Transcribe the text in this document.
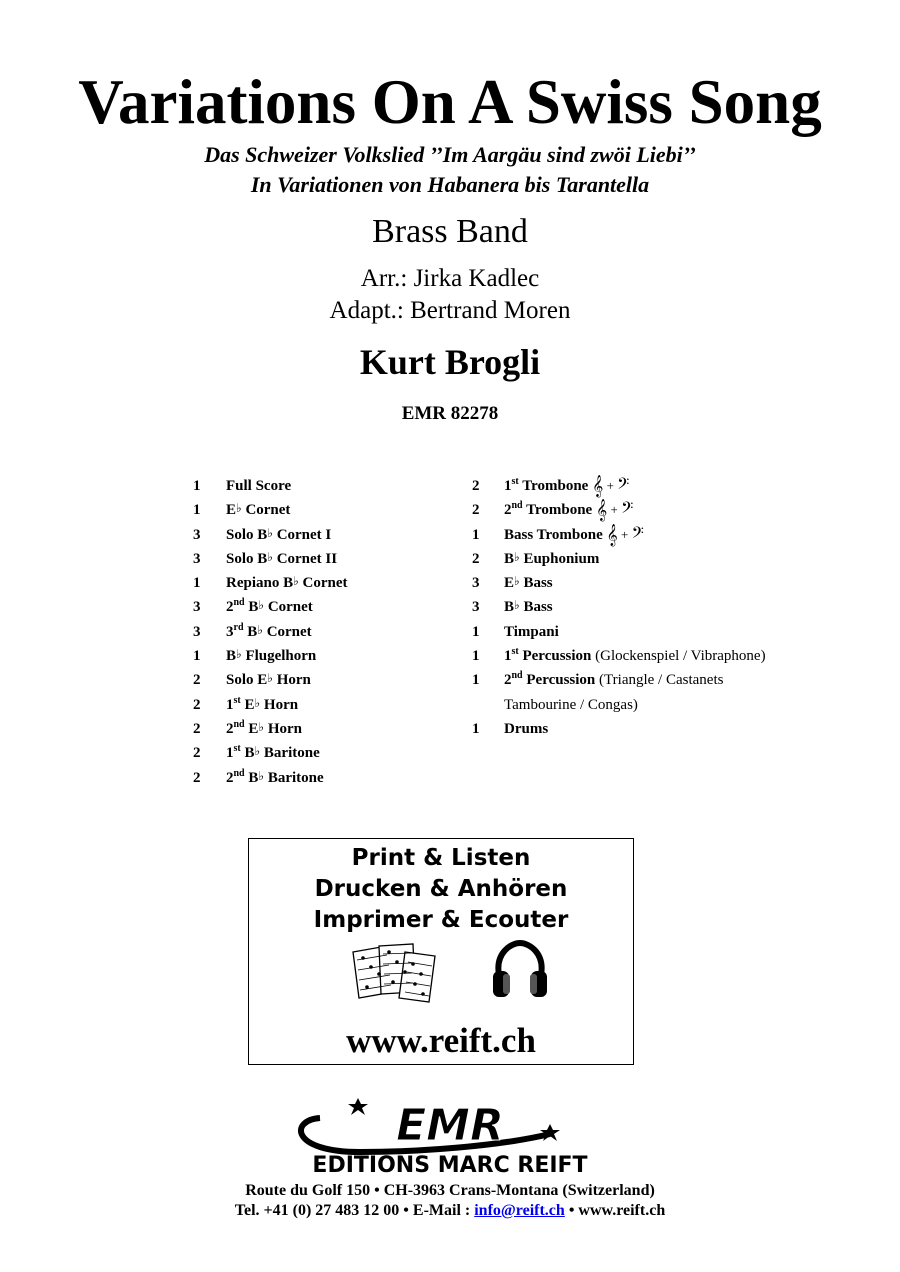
Variations On A Swiss Song
Das Schweizer Volkslied ’’Im Aargäu sind zwöi Liebi’’
In Variationen von Habanera bis Tarantella
Brass Band
Arr.: Jirka Kadlec
Adapt.: Bertrand Moren
Kurt Brogli
EMR 82278
1 Full Score
1 E♭ Cornet
3 Solo B♭ Cornet I
3 Solo B♭ Cornet II
1 Repiano B♭ Cornet
3 2nd B♭ Cornet
3 3rd B♭ Cornet
1 B♭ Flugelhorn
2 Solo E♭ Horn
2 1st E♭ Horn
2 2nd E♭ Horn
2 1st B♭ Baritone
2 2nd B♭ Baritone
2 1st Trombone 𝄞 + 𝄢
2 2nd Trombone 𝄞 + 𝄢
1 Bass Trombone 𝄞 + 𝄢
2 B♭ Euphonium
3 E♭ Bass
3 B♭ Bass
1 Timpani
1 1st Percussion (Glockenspiel / Vibraphone)
1 2nd Percussion (Triangle / Castanets
Tambourine / Congas)
1 Drums
Print & Listen
Drucken & Anhören
Imprimer & Ecouter
www.reift.ch
EMR
EDITIONS MARC REIFT
Route du Golf 150 • CH-3963 Crans-Montana (Switzerland)
Tel. +41 (0) 27 483 12 00 • E-Mail : info@reift.ch • www.reift.ch
